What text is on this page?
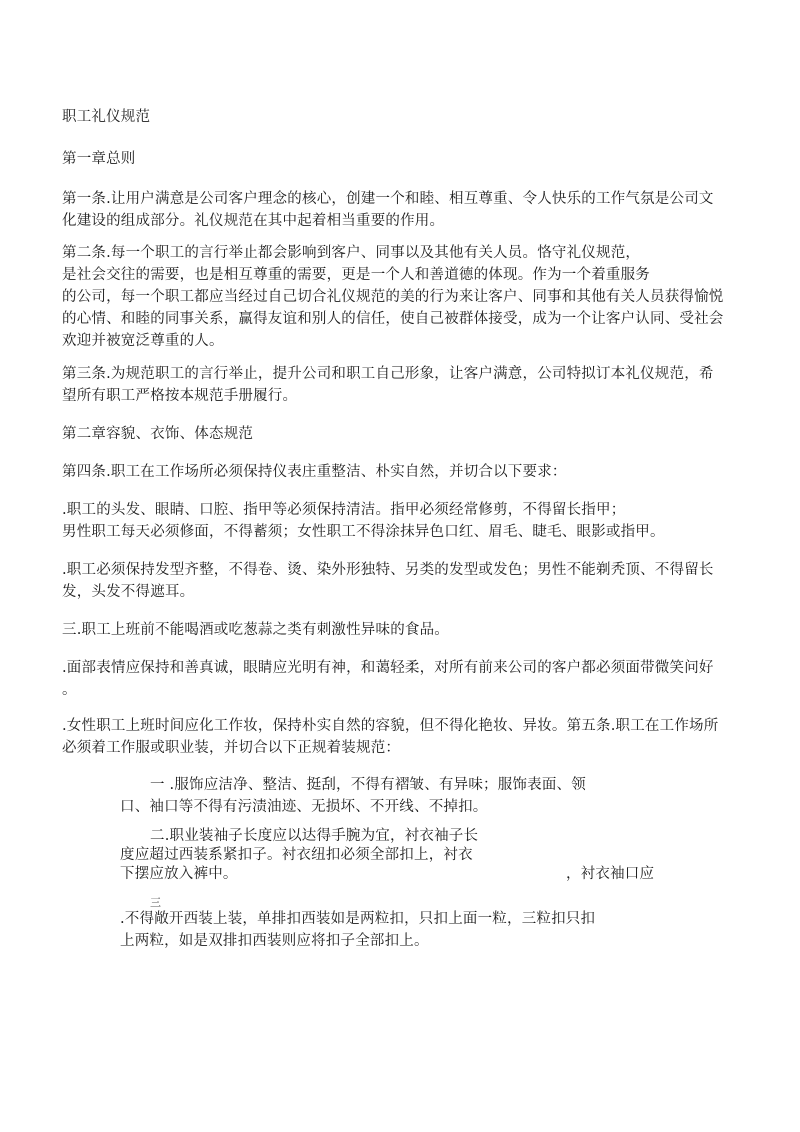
职工礼仪规范
第一章总则
第一条.让用户满意是公司客户理念的核心，创建一个和睦、相互尊重、令人快乐的工作气氛是公司文
化建设的组成部分。礼仪规范在其中起着相当重要的作用。
第二条.每一个职工的言行举止都会影响到客户、同事以及其他有关人员。恪守礼仪规范，
是社会交往的需要，也是相互尊重的需要，更是一个人和善道德的体现。作为一个着重服务
的公司，每一个职工都应当经过自己切合礼仪规范的美的行为来让客户、同事和其他有关人员获得愉悦
的心情、和睦的同事关系，赢得友谊和别人的信任，使自己被群体接受，成为一个让客户认同、受社会
欢迎并被宽泛尊重的人。
第三条.为规范职工的言行举止，提升公司和职工自己形象，让客户满意，公司特拟订本礼仪规范，希
望所有职工严格按本规范手册履行。
第二章容貌、衣饰、体态规范
第四条.职工在工作场所必须保持仪表庄重整洁、朴实自然，并切合以下要求：
.职工的头发、眼睛、口腔、指甲等必须保持清洁。指甲必须经常修剪，不得留长指甲；
男性职工每天必须修面，不得蓄须；女性职工不得涂抹异色口红、眉毛、睫毛、眼影或指甲。
.职工必须保持发型齐整，不得卷、烫、染外形独特、另类的发型或发色；男性不能剃秃顶、不得留长
发，头发不得遮耳。
三.职工上班前不能喝酒或吃葱蒜之类有刺激性异味的食品。
.面部表情应保持和善真诚，眼睛应光明有神，和蔼轻柔，对所有前来公司的客户都必须面带微笑问好
。
.女性职工上班时间应化工作妆，保持朴实自然的容貌，但不得化艳妆、异妆。第五条.职工在工作场所
必须着工作服或职业装，并切合以下正规着装规范：
一 .服饰应洁净、整洁、挺刮，不得有褶皱、有异味；服饰表面、领
口、袖口等不得有污渍油迹、无损坏、不开线、不掉扣。
二.职业装袖子长度应以达得手腕为宜，衬衣袖子长
度应超过西装系紧扣子。衬衣纽扣必须全部扣上，衬衣
下摆应放入裤中。	，衬衣袖口应
三
.不得敞开西装上装，单排扣西装如是两粒扣，只扣上面一粒，三粒扣只扣
上两粒，如是双排扣西装则应将扣子全部扣上。
